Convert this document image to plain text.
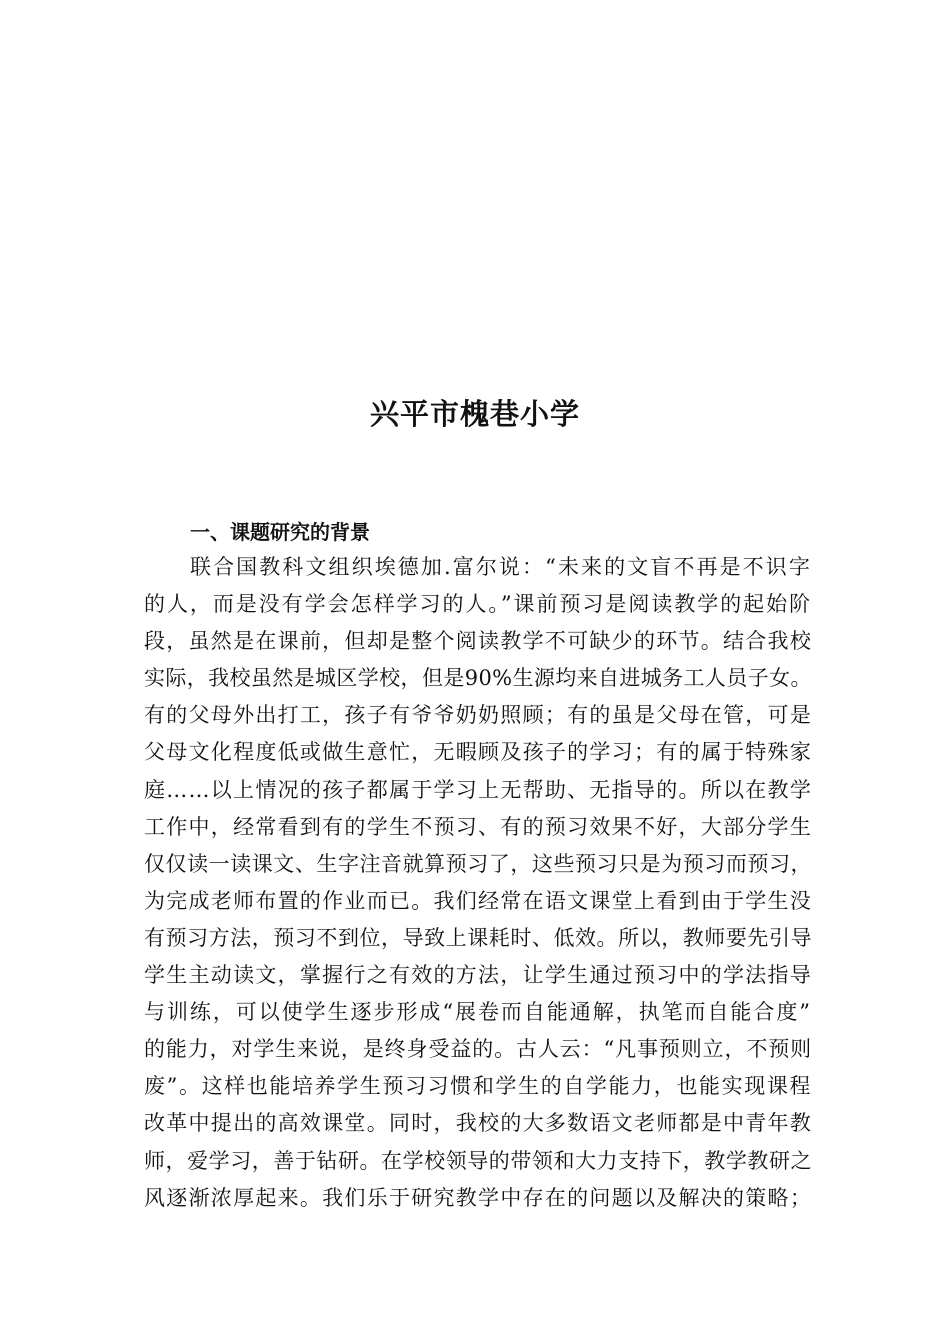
兴平市槐巷小学
一、课题研究的背景
联合国教科文组织埃德加.富尔说：“未来的文盲不再是不识字
的人，而是没有学会怎样学习的人。”课前预习是阅读教学的起始阶
段，虽然是在课前，但却是整个阅读教学不可缺少的环节。结合我校
实际，我校虽然是城区学校，但是90%生源均来自进城务工人员子女。
有的父母外出打工，孩子有爷爷奶奶照顾；有的虽是父母在管，可是
父母文化程度低或做生意忙，无暇顾及孩子的学习；有的属于特殊家
庭……以上情况的孩子都属于学习上无帮助、无指导的。所以在教学
工作中，经常看到有的学生不预习、有的预习效果不好，大部分学生
仅仅读一读课文、生字注音就算预习了，这些预习只是为预习而预习，
为完成老师布置的作业而已。我们经常在语文课堂上看到由于学生没
有预习方法，预习不到位，导致上课耗时、低效。所以，教师要先引导
学生主动读文，掌握行之有效的方法，让学生通过预习中的学法指导
与训练，可以使学生逐步形成“展卷而自能通解，执笔而自能合度”
的能力，对学生来说，是终身受益的。古人云：“凡事预则立，不预则
废”。这样也能培养学生预习习惯和学生的自学能力，也能实现课程
改革中提出的高效课堂。同时，我校的大多数语文老师都是中青年教
师，爱学习，善于钻研。在学校领导的带领和大力支持下，教学教研之
风逐渐浓厚起来。我们乐于研究教学中存在的问题以及解决的策略；
